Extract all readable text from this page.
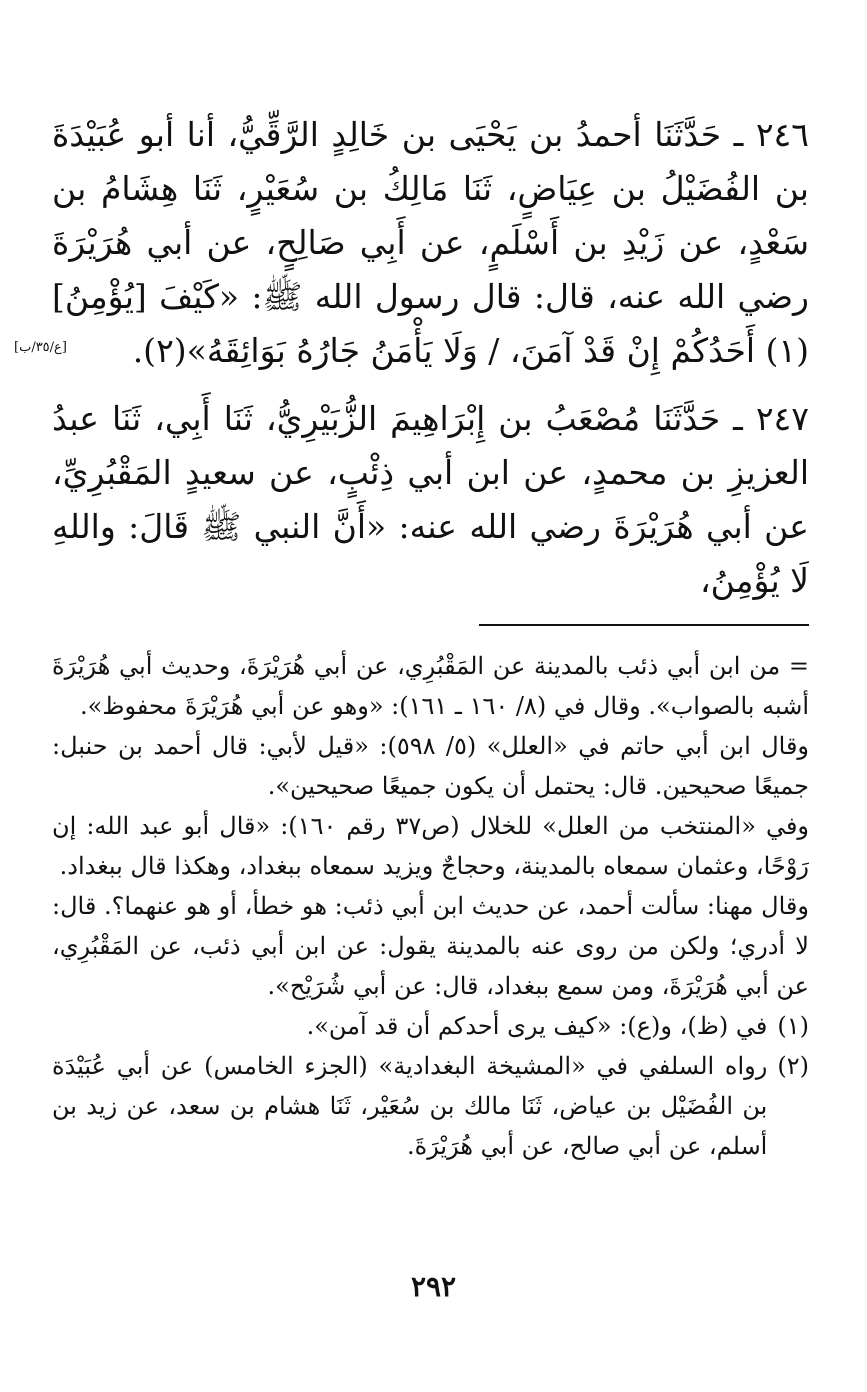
٢٤٦ ـ حَدَّثَنَا أحمدُ بن يَحْيَى بن خَالِدٍ الرَّقِّيُّ، أنا أبو عُبَيْدَةَ بن الفُضَيْلُ بن عِيَاضٍ، ثَنَا مَالِكُ بن سُعَيْرٍ، ثَنَا هِشَامُ بن سَعْدٍ، عن زَيْدِ بن أَسْلَمٍ، عن أَبِي صَالِحٍ، عن أبي هُرَيْرَةَ رضي الله عنه، قال: قال رسول الله ﷺ: «كَيْفَ [يُؤْمِنُ](١) أَحَدُكُمْ إِنْ قَدْ آمَنَ، / وَلَا يَأْمَنُ جَارُهُ بَوَائِقَهُ»(٢).

٢٤٧ ـ حَدَّثَنَا مُصْعَبُ بن إِبْرَاهِيمَ الزُّبَيْرِيُّ، ثَنَا أَبِي، ثَنَا عبدُ العزيزِ بن محمدٍ، عن ابن أبي ذِئْبٍ، عن سعيدٍ المَقْبُرِيِّ، عن أبي هُرَيْرَةَ رضي الله عنه: «أَنَّ النبي ﷺ قَالَ: واللهِ لَا يُؤْمِنُ،

[ع/٣٥/ب]

= من ابن أبي ذئب بالمدينة عن المَقْبُرِي، عن أبي هُرَيْرَةَ، وحديث أبي هُرَيْرَةَ أشبه بالصواب». وقال في (٨/ ١٦٠ ـ ١٦١): «وهو عن أبي هُرَيْرَةَ محفوظ».

وقال ابن أبي حاتم في «العلل» (٥/ ٥٩٨): «قيل لأبي: قال أحمد بن حنبل: جميعًا صحيحين. قال: يحتمل أن يكون جميعًا صحيحين».

وفي «المنتخب من العلل» للخلال (ص٣٧ رقم ١٦٠): «قال أبو عبد الله: إن رَوْحًا، وعثمان سمعاه بالمدينة، وحجاجٌ ويزيد سمعاه ببغداد، وهكذا قال ببغداد.

وقال مهنا: سألت أحمد، عن حديث ابن أبي ذئب: هو خطأ، أو هو عنهما؟. قال: لا أدري؛ ولكن من روى عنه بالمدينة يقول: عن ابن أبي ذئب، عن المَقْبُرِي، عن أبي هُرَيْرَةَ، ومن سمع ببغداد، قال: عن أبي شُرَيْح».

(١)
في (ظ)، و(ع): «كيف يرى أحدكم أن قد آمن».

(٢)
رواه السلفي في «المشيخة البغدادية» (الجزء الخامس) عن أبي عُبَيْدَة بن الفُضَيْل بن عياض، ثَنَا مالك بن سُعَيْر، ثَنَا هشام بن سعد، عن زيد بن أسلم، عن أبي صالح، عن أبي هُرَيْرَةَ.

٢٩٢
